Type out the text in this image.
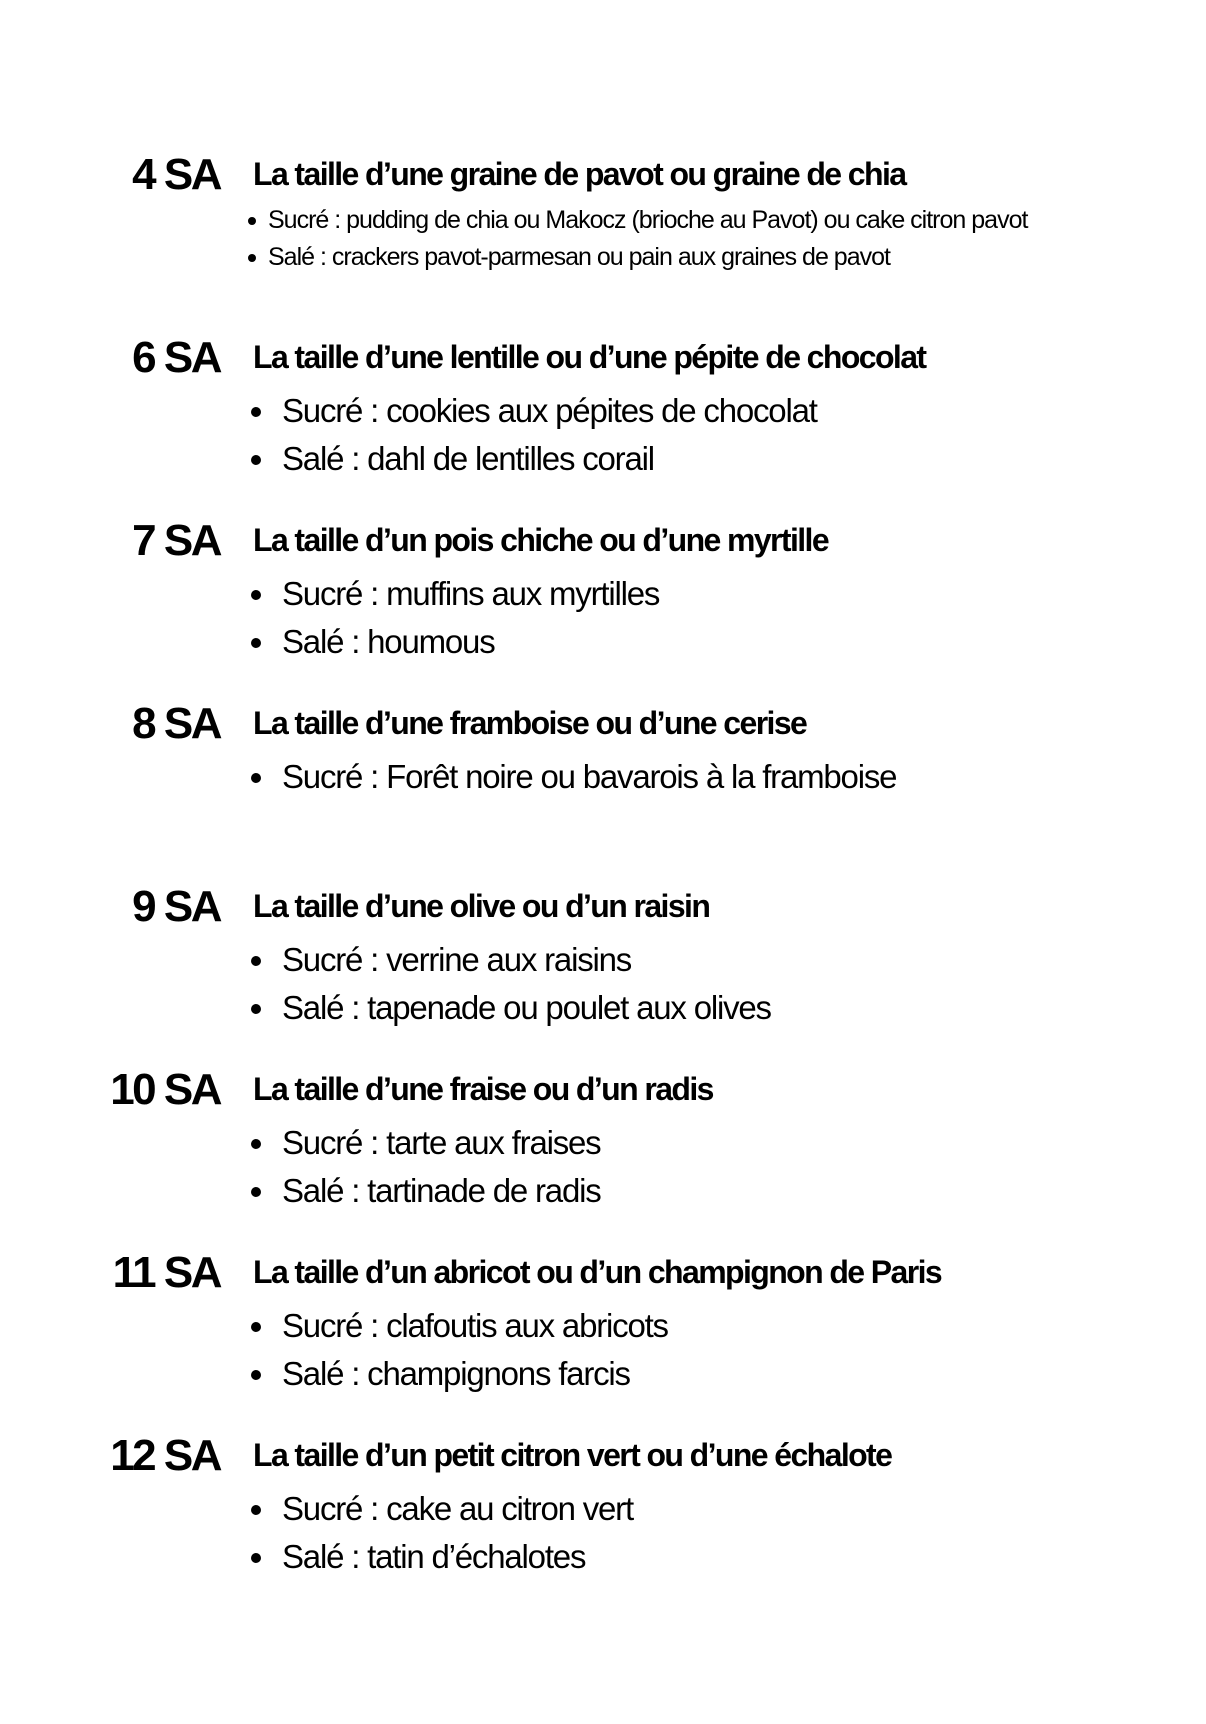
4 SA La taille d’une graine de pavot ou graine de chia
Sucré : pudding de chia ou Makocz (brioche au Pavot) ou cake citron pavot
Salé : crackers pavot-parmesan ou pain aux graines de pavot
6 SA La taille d’une lentille ou d’une pépite de chocolat
Sucré : cookies aux pépites de chocolat
Salé : dahl de lentilles corail
7 SA La taille d’un pois chiche ou d’une myrtille
Sucré : muffins aux myrtilles
Salé : houmous
8 SA La taille d’une framboise ou d’une cerise
Sucré : Forêt noire ou bavarois à la framboise
9 SA La taille d’une olive ou d’un raisin
Sucré : verrine aux raisins
Salé : tapenade ou poulet aux olives
10 SA La taille d’une fraise ou d’un radis
Sucré : tarte aux fraises
Salé : tartinade de radis
11 SA La taille d’un abricot ou d’un champignon de Paris
Sucré : clafoutis aux abricots
Salé : champignons farcis
12 SA La taille d’un petit citron vert ou d’une échalote
Sucré : cake au citron vert
Salé : tatin d’échalotes
